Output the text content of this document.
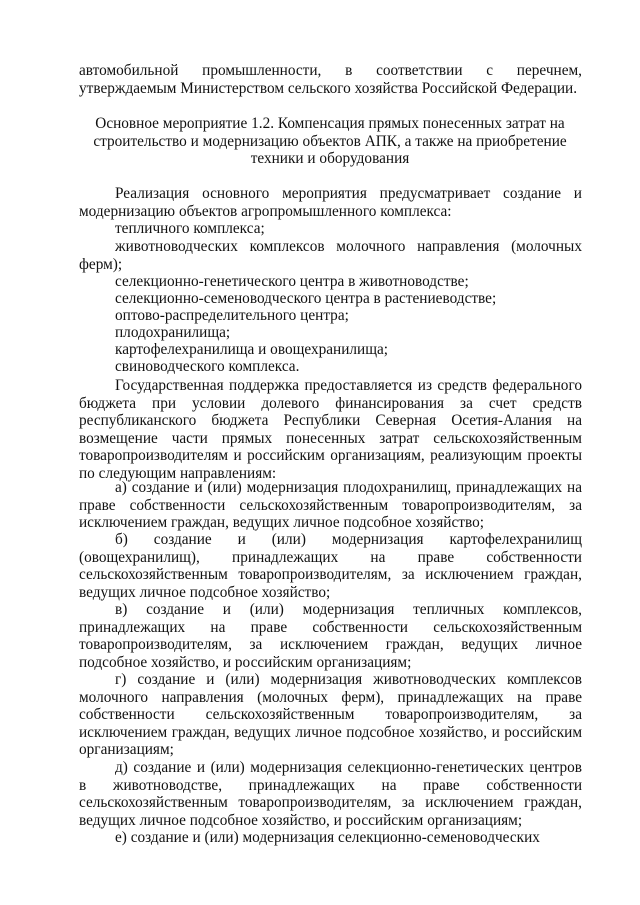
автомобильной промышленности, в соответствии с перечнем, утверждаемым Министерством сельского хозяйства Российской Федерации.

Основное мероприятие 1.2. Компенсация прямых понесенных затрат на строительство и модернизацию объектов АПК, а также на приобретение техники и оборудования

Реализация основного мероприятия предусматривает создание и модернизацию объектов агропромышленного комплекса:

тепличного комплекса;

животноводческих комплексов молочного направления (молочных ферм);

селекционно-генетического центра в животноводстве;

селекционно-семеноводческого центра в растениеводстве;

оптово-распределительного центра;

плодохранилища;

картофелехранилища и овощехранилища;

свиноводческого комплекса.

Государственная поддержка предоставляется из средств федерального бюджета при условии долевого финансирования за счет средств республиканского бюджета Республики Северная Осетия-Алания на возмещение части прямых понесенных затрат сельскохозяйственным товаропроизводителям и российским организациям, реализующим проекты по следующим направлениям:

а) создание и (или) модернизация плодохранилищ, принадлежащих на праве собственности сельскохозяйственным товаропроизводителям, за исключением граждан, ведущих личное подсобное хозяйство;

б) создание и (или) модернизация картофелехранилищ (овощехранилищ), принадлежащих на праве собственности сельскохозяйственным товаропроизводителям, за исключением граждан, ведущих личное подсобное хозяйство;

в) создание и (или) модернизация тепличных комплексов, принадлежащих на праве собственности сельскохозяйственным товаропроизводителям, за исключением граждан, ведущих личное подсобное хозяйство, и российским организациям;

г) создание и (или) модернизация животноводческих комплексов молочного направления (молочных ферм), принадлежащих на праве собственности сельскохозяйственным товаропроизводителям, за исключением граждан, ведущих личное подсобное хозяйство, и российским организациям;

д) создание и (или) модернизация селекционно-генетических центров в животноводстве, принадлежащих на праве собственности сельскохозяйственным товаропроизводителям, за исключением граждан, ведущих личное подсобное хозяйство, и российским организациям;

е) создание и (или) модернизация селекционно-семеноводческих
